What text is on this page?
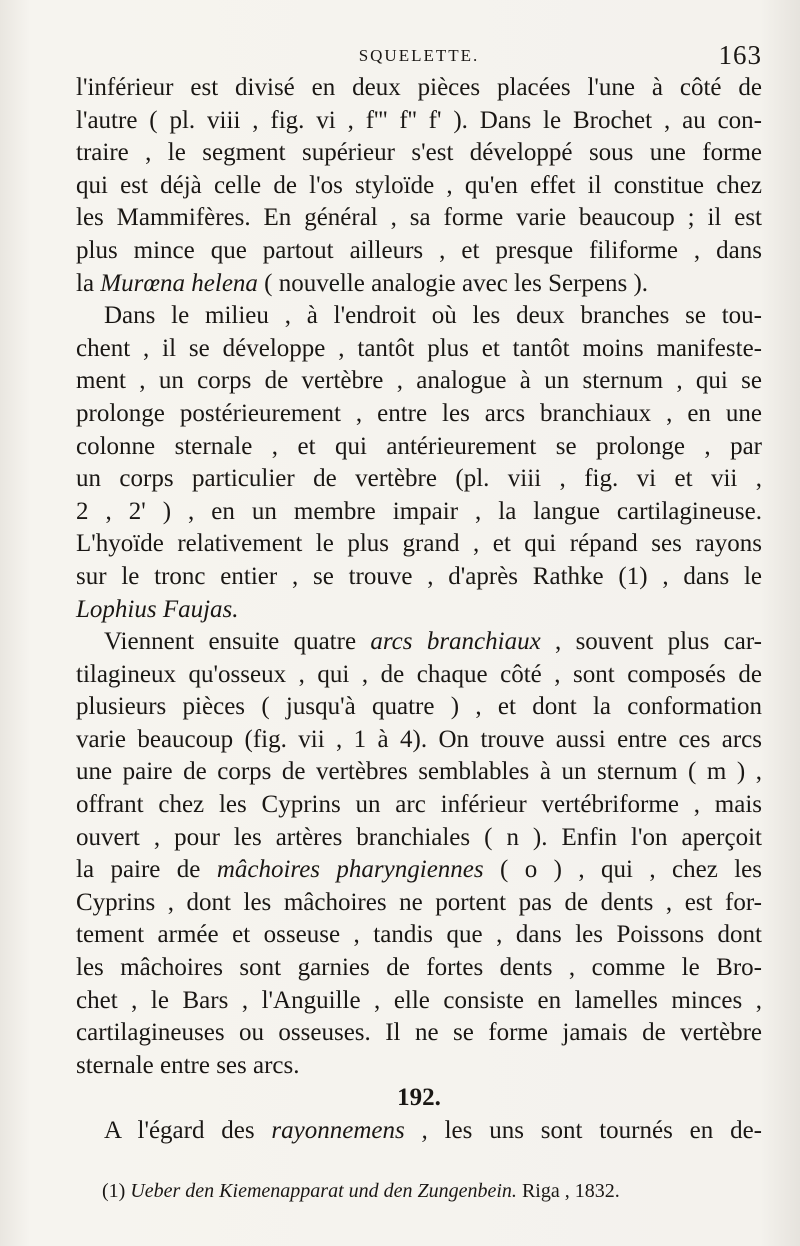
SQUELETTE.	163
l'inférieur est divisé en deux pièces placées l'une à côté de
l'autre ( pl. viii , fig. vi , f''' f'' f' ). Dans le Brochet , au con-
traire , le segment supérieur s'est développé sous une forme
qui est déjà celle de l'os styloïde , qu'en effet il constitue chez
les Mammifères. En général , sa forme varie beaucoup ; il est
plus mince que partout ailleurs , et presque filiforme , dans
la Murœna helena ( nouvelle analogie avec les Serpens ).
Dans le milieu , à l'endroit où les deux branches se tou-
chent , il se développe , tantôt plus et tantôt moins manifeste-
ment , un corps de vertèbre , analogue à un sternum , qui se
prolonge postérieurement , entre les arcs branchiaux , en une
colonne sternale , et qui antérieurement se prolonge , par
un corps particulier de vertèbre (pl. viii , fig. vi et vii ,
2 , 2' ) , en un membre impair , la langue cartilagineuse.
L'hyoïde relativement le plus grand , et qui répand ses rayons
sur le tronc entier , se trouve , d'après Rathke (1) , dans le
Lophius Faujas.
Viennent ensuite quatre arcs branchiaux , souvent plus car-
tilagineux qu'osseux , qui , de chaque côté , sont composés de
plusieurs pièces ( jusqu'à quatre ) , et dont la conformation
varie beaucoup (fig. vii , 1 à 4). On trouve aussi entre ces arcs
une paire de corps de vertèbres semblables à un sternum ( m ) ,
offrant chez les Cyprins un arc inférieur vertébriforme , mais
ouvert , pour les artères branchiales ( n ). Enfin l'on aperçoit
la paire de mâchoires pharyngiennes ( o ) , qui , chez les
Cyprins , dont les mâchoires ne portent pas de dents , est for-
tement armée et osseuse , tandis que , dans les Poissons dont
les mâchoires sont garnies de fortes dents , comme le Bro-
chet , le Bars , l'Anguille , elle consiste en lamelles minces ,
cartilagineuses ou osseuses. Il ne se forme jamais de vertèbre
sternale entre ses arcs.
192.
A l'égard des rayonnemens , les uns sont tournés en de-
(1) Ueber den Kiemenapparat und den Zungenbein. Riga , 1832.
